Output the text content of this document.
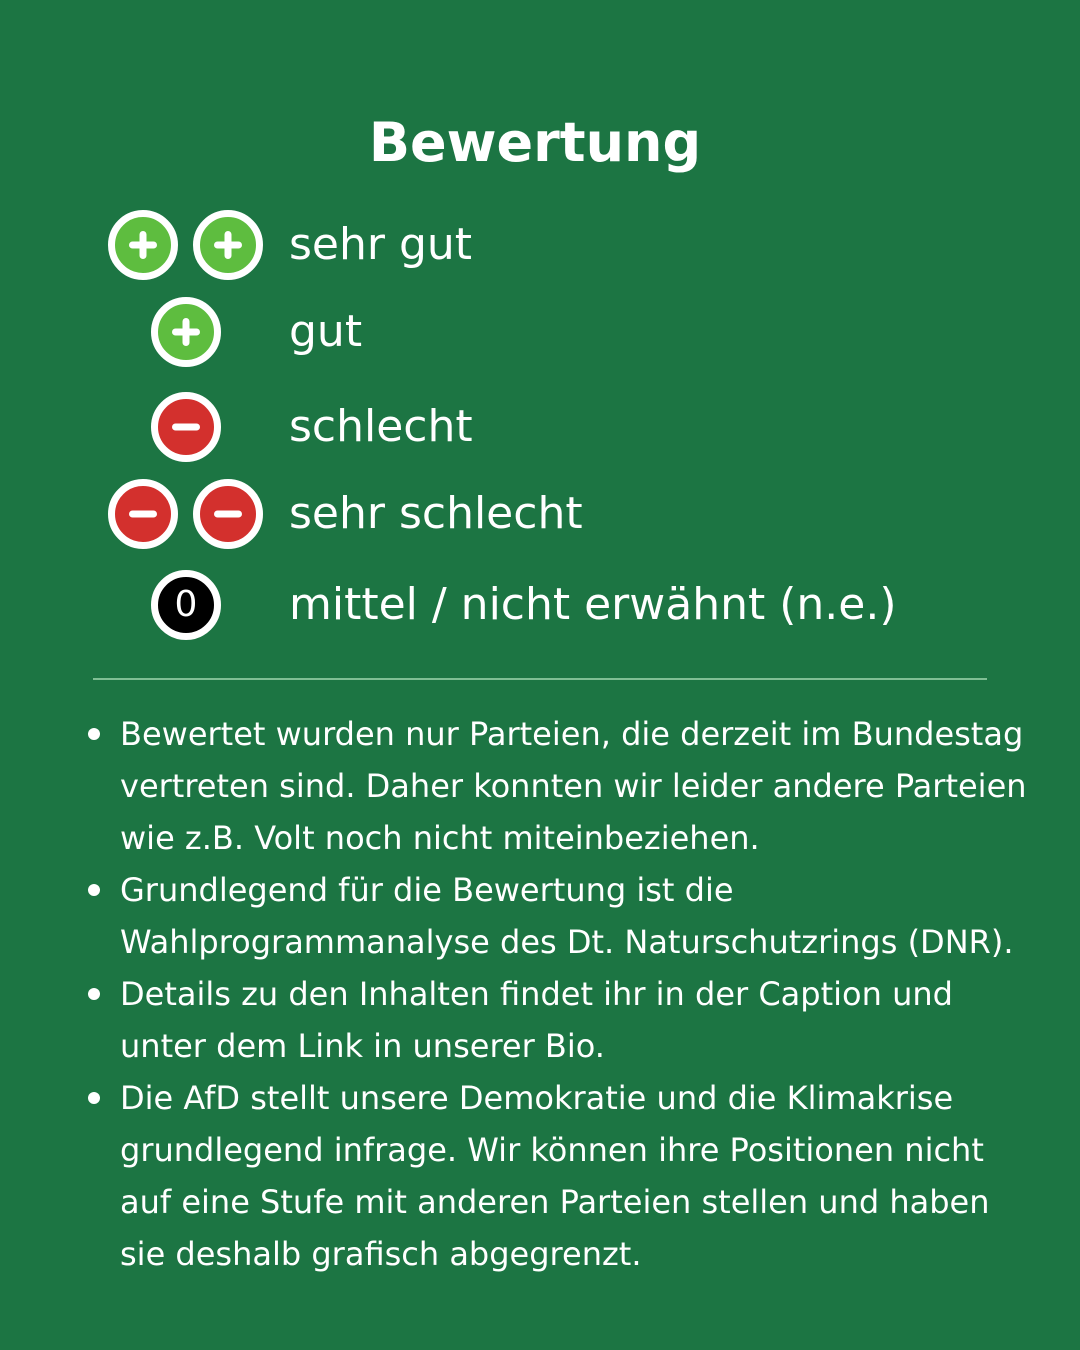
Bewertung
sehr gut
gut
schlecht
sehr schlecht
0	mittel / nicht erwähnt (n.e.)
Bewertet wurden nur Parteien, die derzeit im Bundestag vertreten sind. Daher konnten wir leider andere Parteien wie z.B. Volt noch nicht miteinbeziehen.
Grundlegend für die Bewertung ist die Wahlprogrammanalyse des Dt. Naturschutzrings (DNR).
Details zu den Inhalten findet ihr in der Caption und unter dem Link in unserer Bio.
Die AfD stellt unsere Demokratie und die Klimakrise grundlegend infrage. Wir können ihre Positionen nicht auf eine Stufe mit anderen Parteien stellen und haben sie deshalb grafisch abgegrenzt.
